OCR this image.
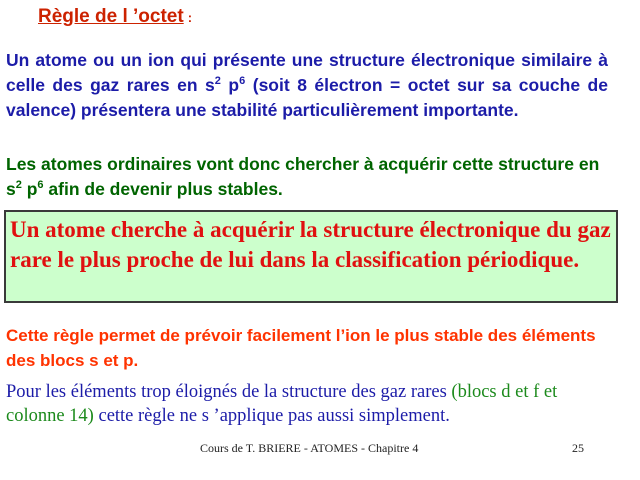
Règle de l ’octet :
Un atome ou un ion qui présente une structure électronique similaire à celle des gaz rares en $s^2$ $p^6$ (soit 8 électron = octet sur sa couche de valence) présentera une stabilité particulièrement importante.
Les atomes ordinaires vont donc chercher à acquérir cette structure en $s^2$ $p^6$ afin de devenir plus stables.
Un atome cherche à acquérir la structure électronique du gaz rare le plus proche de lui dans la classification périodique.
Cette règle permet de prévoir facilement l’ion le plus stable des éléments des blocs s et p.
Pour les éléments trop éloignés de la structure des gaz rares (blocs d et f et colonne 14) cette règle ne s ’applique pas aussi simplement.
Cours de T. BRIERE - ATOMES - Chapitre 4	25
